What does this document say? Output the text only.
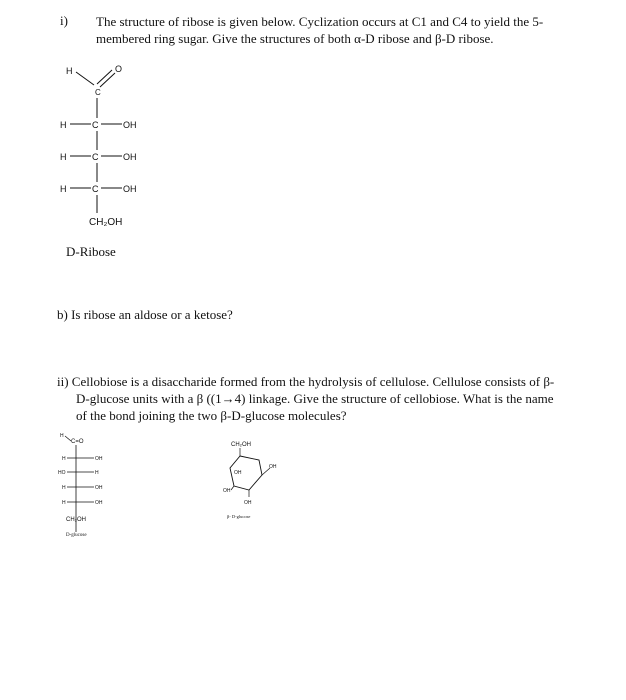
i) The structure of ribose is given below. Cyclization occurs at C1 and C4 to yield the 5-
membered ring sugar. Give the structures of both α-D ribose and β-D ribose.
H	O
C
H	C	OH
H	C	OH
H	C	OH
CH₂OH
D-Ribose
b) Is ribose an aldose or a ketose?
ii) Cellobiose is a disaccharide formed from the hydrolysis of cellulose. Cellulose consists of β-
D-glucose units with a β ((1→4) linkage. Give the structure of cellobiose. What is the name
of the bond joining the two β-D-glucose molecules?
H
C=O
H	OH
HO	H
H	OH
H	OH
CH₂OH
D-glucose
CH₂OH
OH
OH
OH
OH
β- D-glucose
